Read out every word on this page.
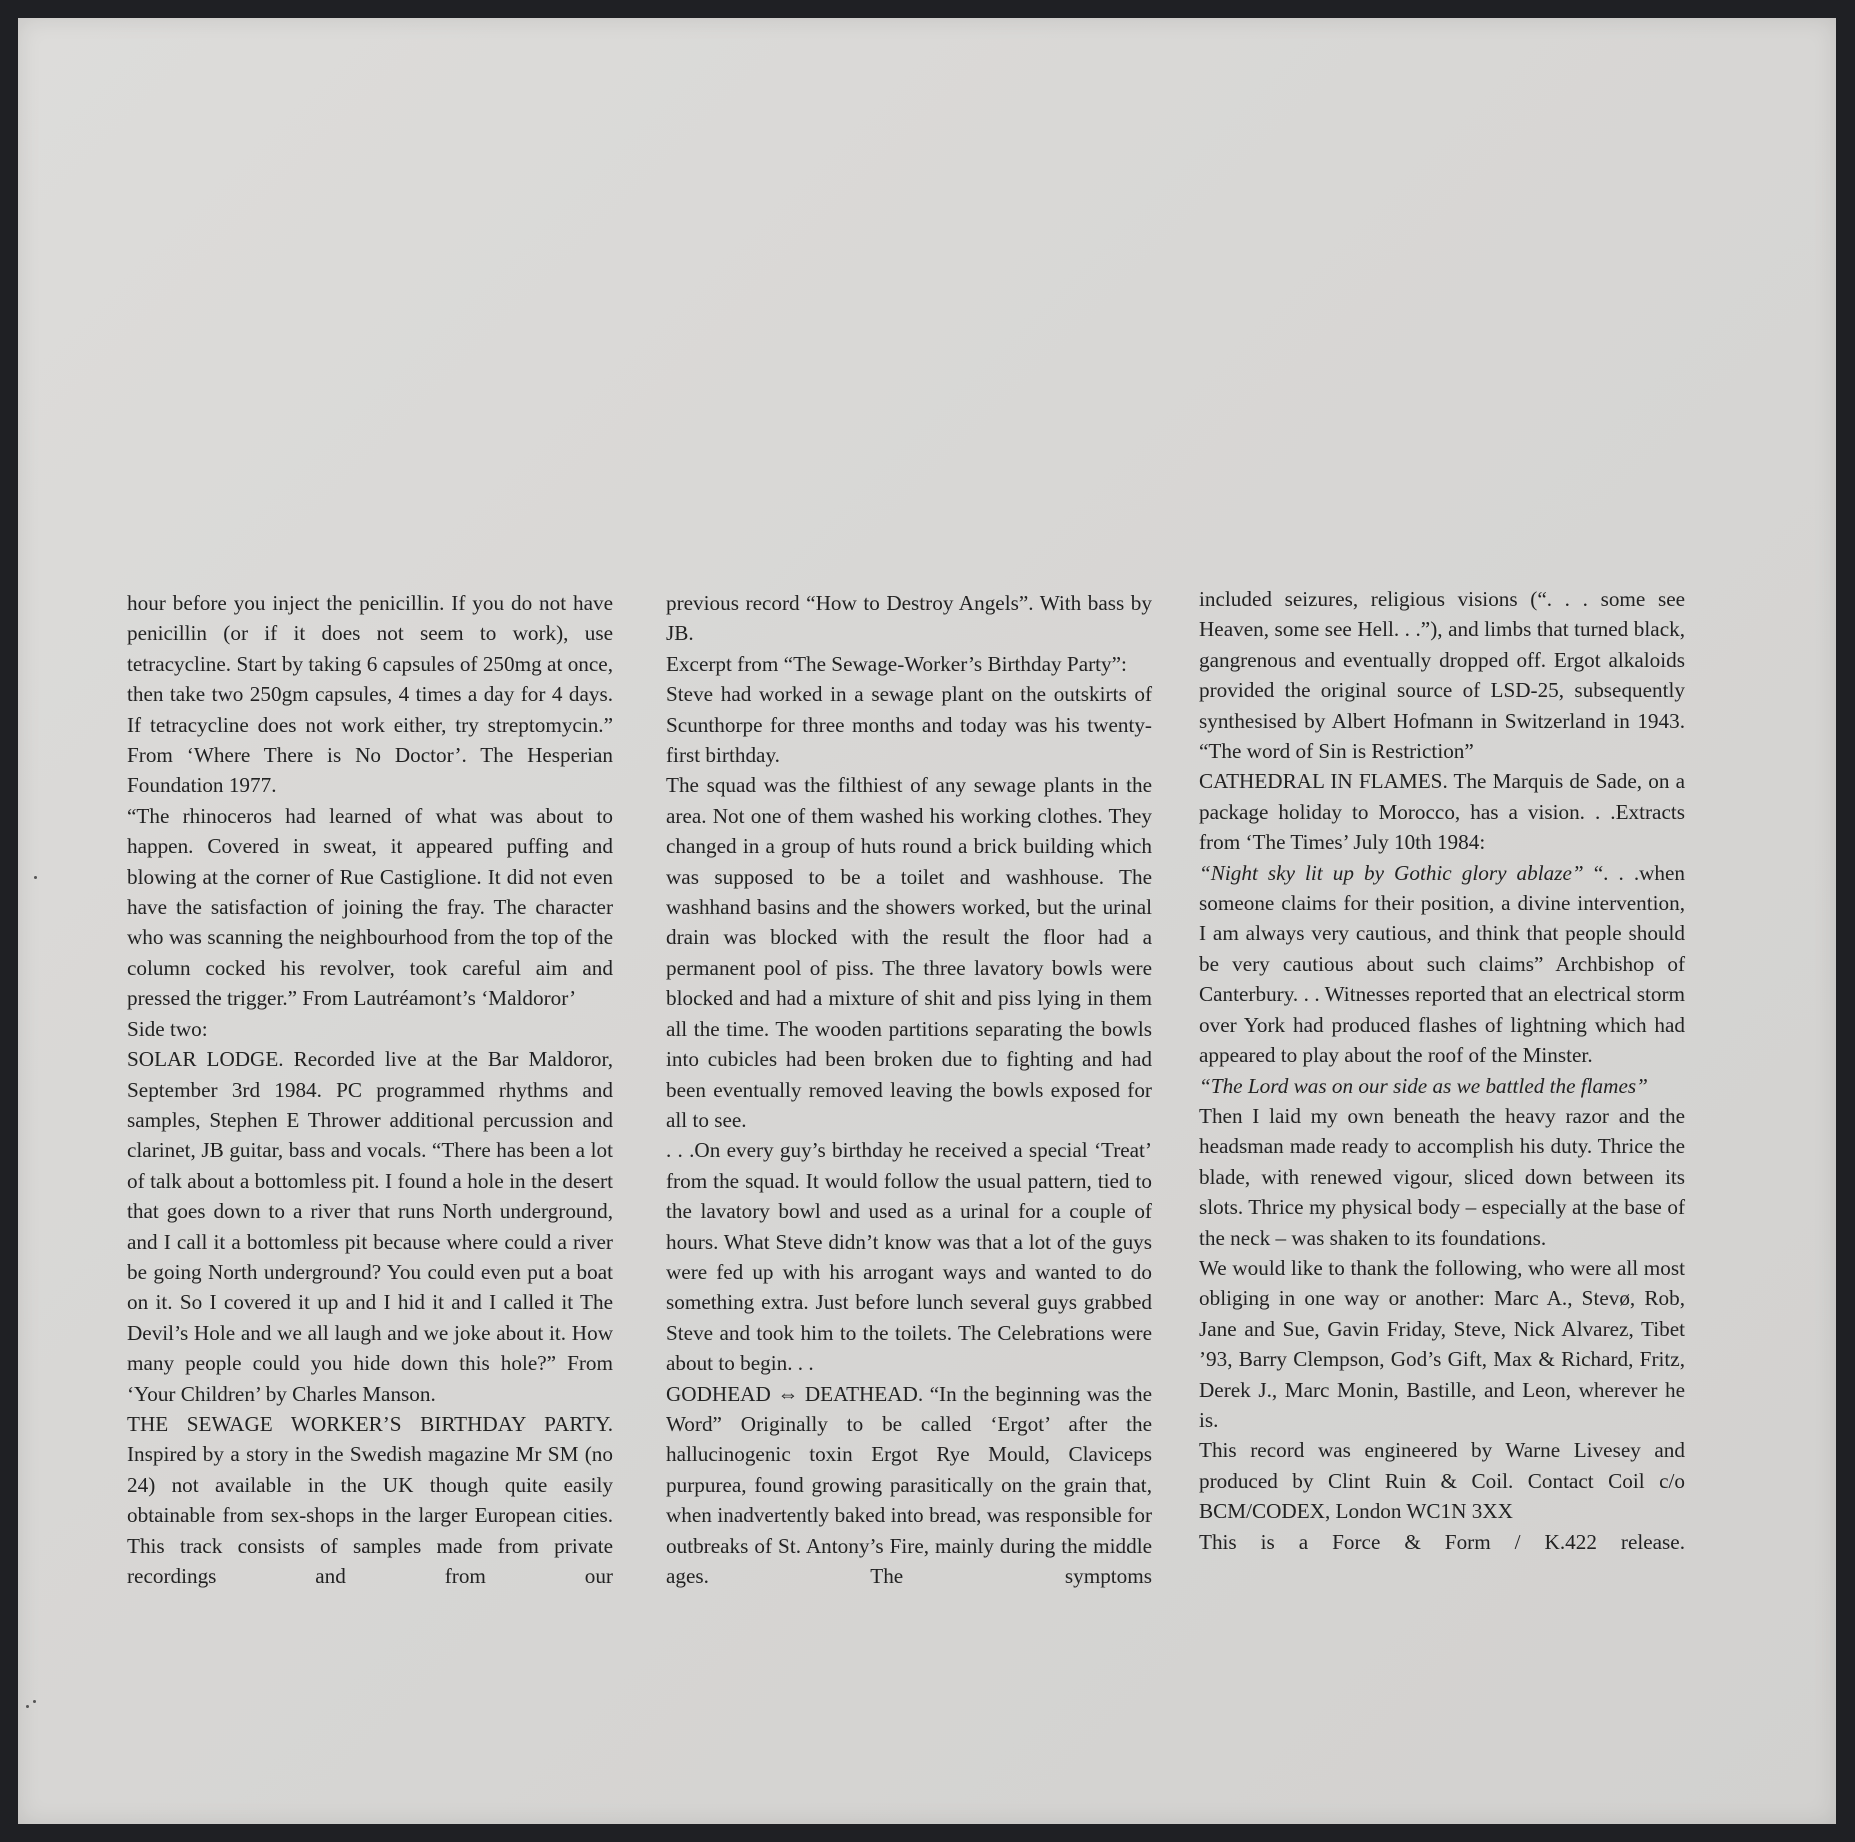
hour before you inject the penicillin. If you do not have penicillin (or if it does not seem to work), use tetracycline. Start by taking 6 capsules of 250mg at once, then take two 250gm capsules, 4 times a day for 4 days. If tetracycline does not work either, try streptomycin.” From ‘Where There is No Doctor’. The Hesperian Foundation 1977.

“The rhinoceros had learned of what was about to happen. Covered in sweat, it appeared puffing and blowing at the corner of Rue Castiglione. It did not even have the satisfaction of joining the fray. The character who was scanning the neighbourhood from the top of the column cocked his revolver, took careful aim and pressed the trigger.” From Lautréamont’s ‘Maldoror’

Side two:

SOLAR LODGE. Recorded live at the Bar Maldoror, September 3rd 1984. PC programmed rhythms and samples, Stephen E Thrower additional percussion and clarinet, JB guitar, bass and vocals. “There has been a lot of talk about a bottomless pit. I found a hole in the desert that goes down to a river that runs North underground, and I call it a bottomless pit because where could a river be going North underground? You could even put a boat on it. So I covered it up and I hid it and I called it The Devil’s Hole and we all laugh and we joke about it. How many people could you hide down this hole?” From ‘Your Children’ by Charles Manson.

THE SEWAGE WORKER’S BIRTHDAY PARTY. Inspired by a story in the Swedish magazine Mr SM (no 24) not available in the UK though quite easily obtainable from sex-shops in the larger European cities. This track consists of samples made from private recordings and from our

previous record “How to Destroy Angels”. With bass by JB.

Excerpt from “The Sewage-Worker’s Birthday Party”:

Steve had worked in a sewage plant on the outskirts of Scunthorpe for three months and today was his twenty-first birthday.

The squad was the filthiest of any sewage plants in the area. Not one of them washed his working clothes. They changed in a group of huts round a brick building which was supposed to be a toilet and washhouse. The washhand basins and the showers worked, but the urinal drain was blocked with the result the floor had a permanent pool of piss. The three lavatory bowls were blocked and had a mixture of shit and piss lying in them all the time. The wooden partitions separating the bowls into cubicles had been broken due to fighting and had been eventually removed leaving the bowls exposed for all to see.

. . .On every guy’s birthday he received a special ‘Treat’ from the squad. It would follow the usual pattern, tied to the lavatory bowl and used as a urinal for a couple of hours. What Steve didn’t know was that a lot of the guys were fed up with his arrogant ways and wanted to do something extra. Just before lunch several guys grabbed Steve and took him to the toilets. The Celebrations were about to begin. . .

GODHEAD ⇔ DEATHEAD. “In the beginning was the Word” Originally to be called ‘Ergot’ after the hallucinogenic toxin Ergot Rye Mould, Claviceps purpurea, found growing parasitically on the grain that, when inadvertently baked into bread, was responsible for outbreaks of St. Antony’s Fire, mainly during the middle ages. The symptoms

included seizures, religious visions (“. . . some see Heaven, some see Hell. . .”), and limbs that turned black, gangrenous and eventually dropped off. Ergot alkaloids provided the original source of LSD-25, subsequently synthesised by Albert Hofmann in Switzerland in 1943. “The word of Sin is Restriction”

CATHEDRAL IN FLAMES. The Marquis de Sade, on a package holiday to Morocco, has a vision. . .Extracts from ‘The Times’ July 10th 1984:

“Night sky lit up by Gothic glory ablaze” “. . .when someone claims for their position, a divine intervention, I am always very cautious, and think that people should be very cautious about such claims” Archbishop of Canterbury. . . Witnesses reported that an electrical storm over York had produced flashes of lightning which had appeared to play about the roof of the Minster.

“The Lord was on our side as we battled the flames”

Then I laid my own beneath the heavy razor and the headsman made ready to accomplish his duty. Thrice the blade, with renewed vigour, sliced down between its slots. Thrice my physical body – especially at the base of the neck – was shaken to its foundations.

We would like to thank the following, who were all most obliging in one way or another: Marc A., Stevø, Rob, Jane and Sue, Gavin Friday, Steve, Nick Alvarez, Tibet ’93, Barry Clempson, God’s Gift, Max & Richard, Fritz, Derek J., Marc Monin, Bastille, and Leon, wherever he is.

This record was engineered by Warne Livesey and produced by Clint Ruin & Coil. Contact Coil c/o BCM/CODEX, London WC1N 3XX

This is a Force & Form / K.422 release.
